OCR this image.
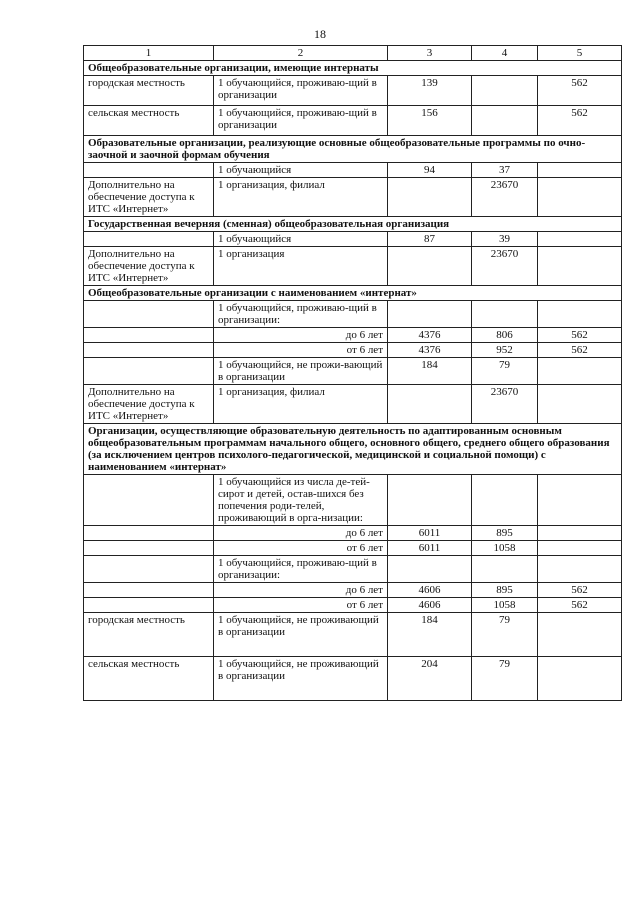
18
1	2	3	4	5
Общеобразовательные организации, имеющие интернаты				
городская местность	1 обучающийся, проживаю-щий в организации	139		562
сельская местность	1 обучающийся, проживаю-щий в организации	156		562
Образовательные организации, реализующие основные общеобразовательные программы по очно-заочной и заочной формам обучения				
	1 обучающийся	94	37	
Дополнительно на обеспечение доступа к ИТС «Интернет»	1 организация, филиал		23670	
Государственная вечерняя (сменная) общеобразовательная организация				
	1 обучающийся	87	39	
Дополнительно на обеспечение доступа к ИТС «Интернет»	1 организация		23670	
Общеобразовательные организации с наименованием «интернат»				
	1 обучающийся, проживаю-щий в организации:			
	до 6 лет	4376	806	562
	от 6 лет	4376	952	562
	1 обучающийся, не прожи-вающий в организации	184	79	
Дополнительно на обеспечение доступа к ИТС «Интернет»	1 организация, филиал		23670	
Организации, осуществляющие образовательную деятельность по адаптированным основным общеобразовательным программам начального общего, основного общего, среднего общего образования (за исключением центров психолого-педагогической, медицинской и социальной помощи) с наименованием «интернат»				
	1 обучающийся из числа де-тей-сирот и детей, остав-шихся без попечения роди-телей, проживающий в орга-низации:			
	до 6 лет	6011	895	
	от 6 лет	6011	1058	
	1 обучающийся, проживаю-щий в организации:			
	до 6 лет	4606	895	562
	от 6 лет	4606	1058	562
городская местность	1 обучающийся, не проживающий в организации	184	79	
сельская местность	1 обучающийся, не проживающий в организации	204	79	
